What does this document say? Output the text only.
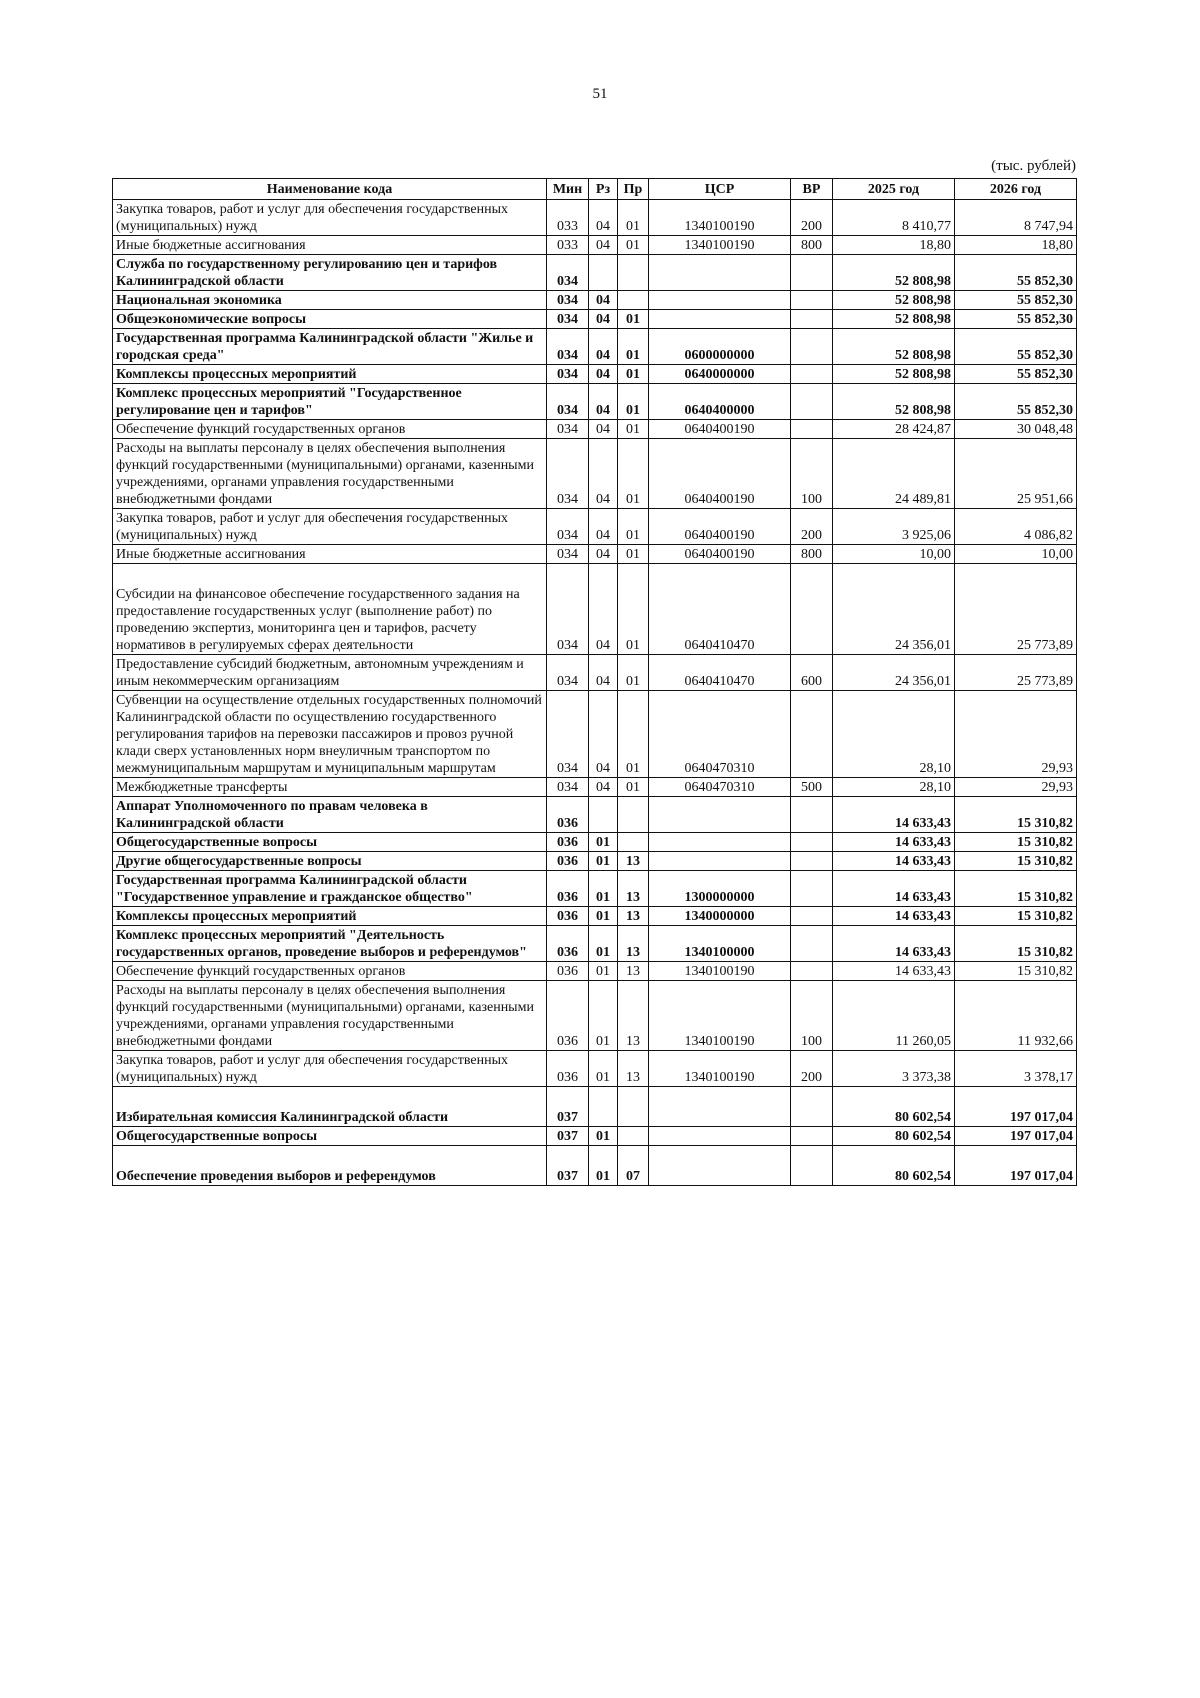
51
(тыс. рублей)
Наименование кода	Мин	Рз	Пр	ЦСР	ВР	2025 год	2026 год
Закупка товаров, работ и услуг для обеспечения государственных (муниципальных) нужд	033	04	01	1340100190	200	8 410,77	8 747,94
Иные бюджетные ассигнования	033	04	01	1340100190	800	18,80	18,80
Служба по государственному регулированию цен и тарифов Калининградской области	034					52 808,98	55 852,30
Национальная экономика	034	04				52 808,98	55 852,30
Общеэкономические вопросы	034	04	01			52 808,98	55 852,30
Государственная программа Калининградской области "Жилье и городская среда"	034	04	01	0600000000		52 808,98	55 852,30
Комплексы процессных мероприятий	034	04	01	0640000000		52 808,98	55 852,30
Комплекс процессных мероприятий "Государственное регулирование цен и тарифов"	034	04	01	0640400000		52 808,98	55 852,30
Обеспечение функций государственных органов	034	04	01	0640400190		28 424,87	30 048,48
Расходы на выплаты персоналу в целях обеспечения выполнения функций государственными (муниципальными) органами, казенными учреждениями, органами управления государственными внебюджетными фондами	034	04	01	0640400190	100	24 489,81	25 951,66
Закупка товаров, работ и услуг для обеспечения государственных (муниципальных) нужд	034	04	01	0640400190	200	3 925,06	4 086,82
Иные бюджетные ассигнования	034	04	01	0640400190	800	10,00	10,00
Субсидии на финансовое обеспечение государственного задания на предоставление государственных услуг (выполнение работ) по проведению экспертиз, мониторинга цен и тарифов, расчету нормативов в регулируемых сферах деятельности	034	04	01	0640410470		24 356,01	25 773,89
Предоставление субсидий бюджетным, автономным учреждениям и иным некоммерческим организациям	034	04	01	0640410470	600	24 356,01	25 773,89
Субвенции на осуществление отдельных государственных полномочий Калининградской области по осуществлению государственного регулирования тарифов на перевозки пассажиров и провоз ручной клади сверх установленных норм внеуличным транспортом по межмуниципальным маршрутам и муниципальным маршрутам	034	04	01	0640470310		28,10	29,93
Межбюджетные трансферты	034	04	01	0640470310	500	28,10	29,93
Аппарат Уполномоченного по правам человека в Калининградской области	036					14 633,43	15 310,82
Общегосударственные вопросы	036	01				14 633,43	15 310,82
Другие общегосударственные вопросы	036	01	13			14 633,43	15 310,82
Государственная программа Калининградской области "Государственное управление и гражданское общество"	036	01	13	1300000000		14 633,43	15 310,82
Комплексы процессных мероприятий	036	01	13	1340000000		14 633,43	15 310,82
Комплекс процессных мероприятий "Деятельность государственных органов, проведение выборов и референдумов"	036	01	13	1340100000		14 633,43	15 310,82
Обеспечение функций государственных органов	036	01	13	1340100190		14 633,43	15 310,82
Расходы на выплаты персоналу в целях обеспечения выполнения функций государственными (муниципальными) органами, казенными учреждениями, органами управления государственными внебюджетными фондами	036	01	13	1340100190	100	11 260,05	11 932,66
Закупка товаров, работ и услуг для обеспечения государственных (муниципальных) нужд	036	01	13	1340100190	200	3 373,38	3 378,17
Избирательная комиссия Калининградской области	037					80 602,54	197 017,04
Общегосударственные вопросы	037	01				80 602,54	197 017,04
Обеспечение проведения выборов и референдумов	037	01	07			80 602,54	197 017,04
